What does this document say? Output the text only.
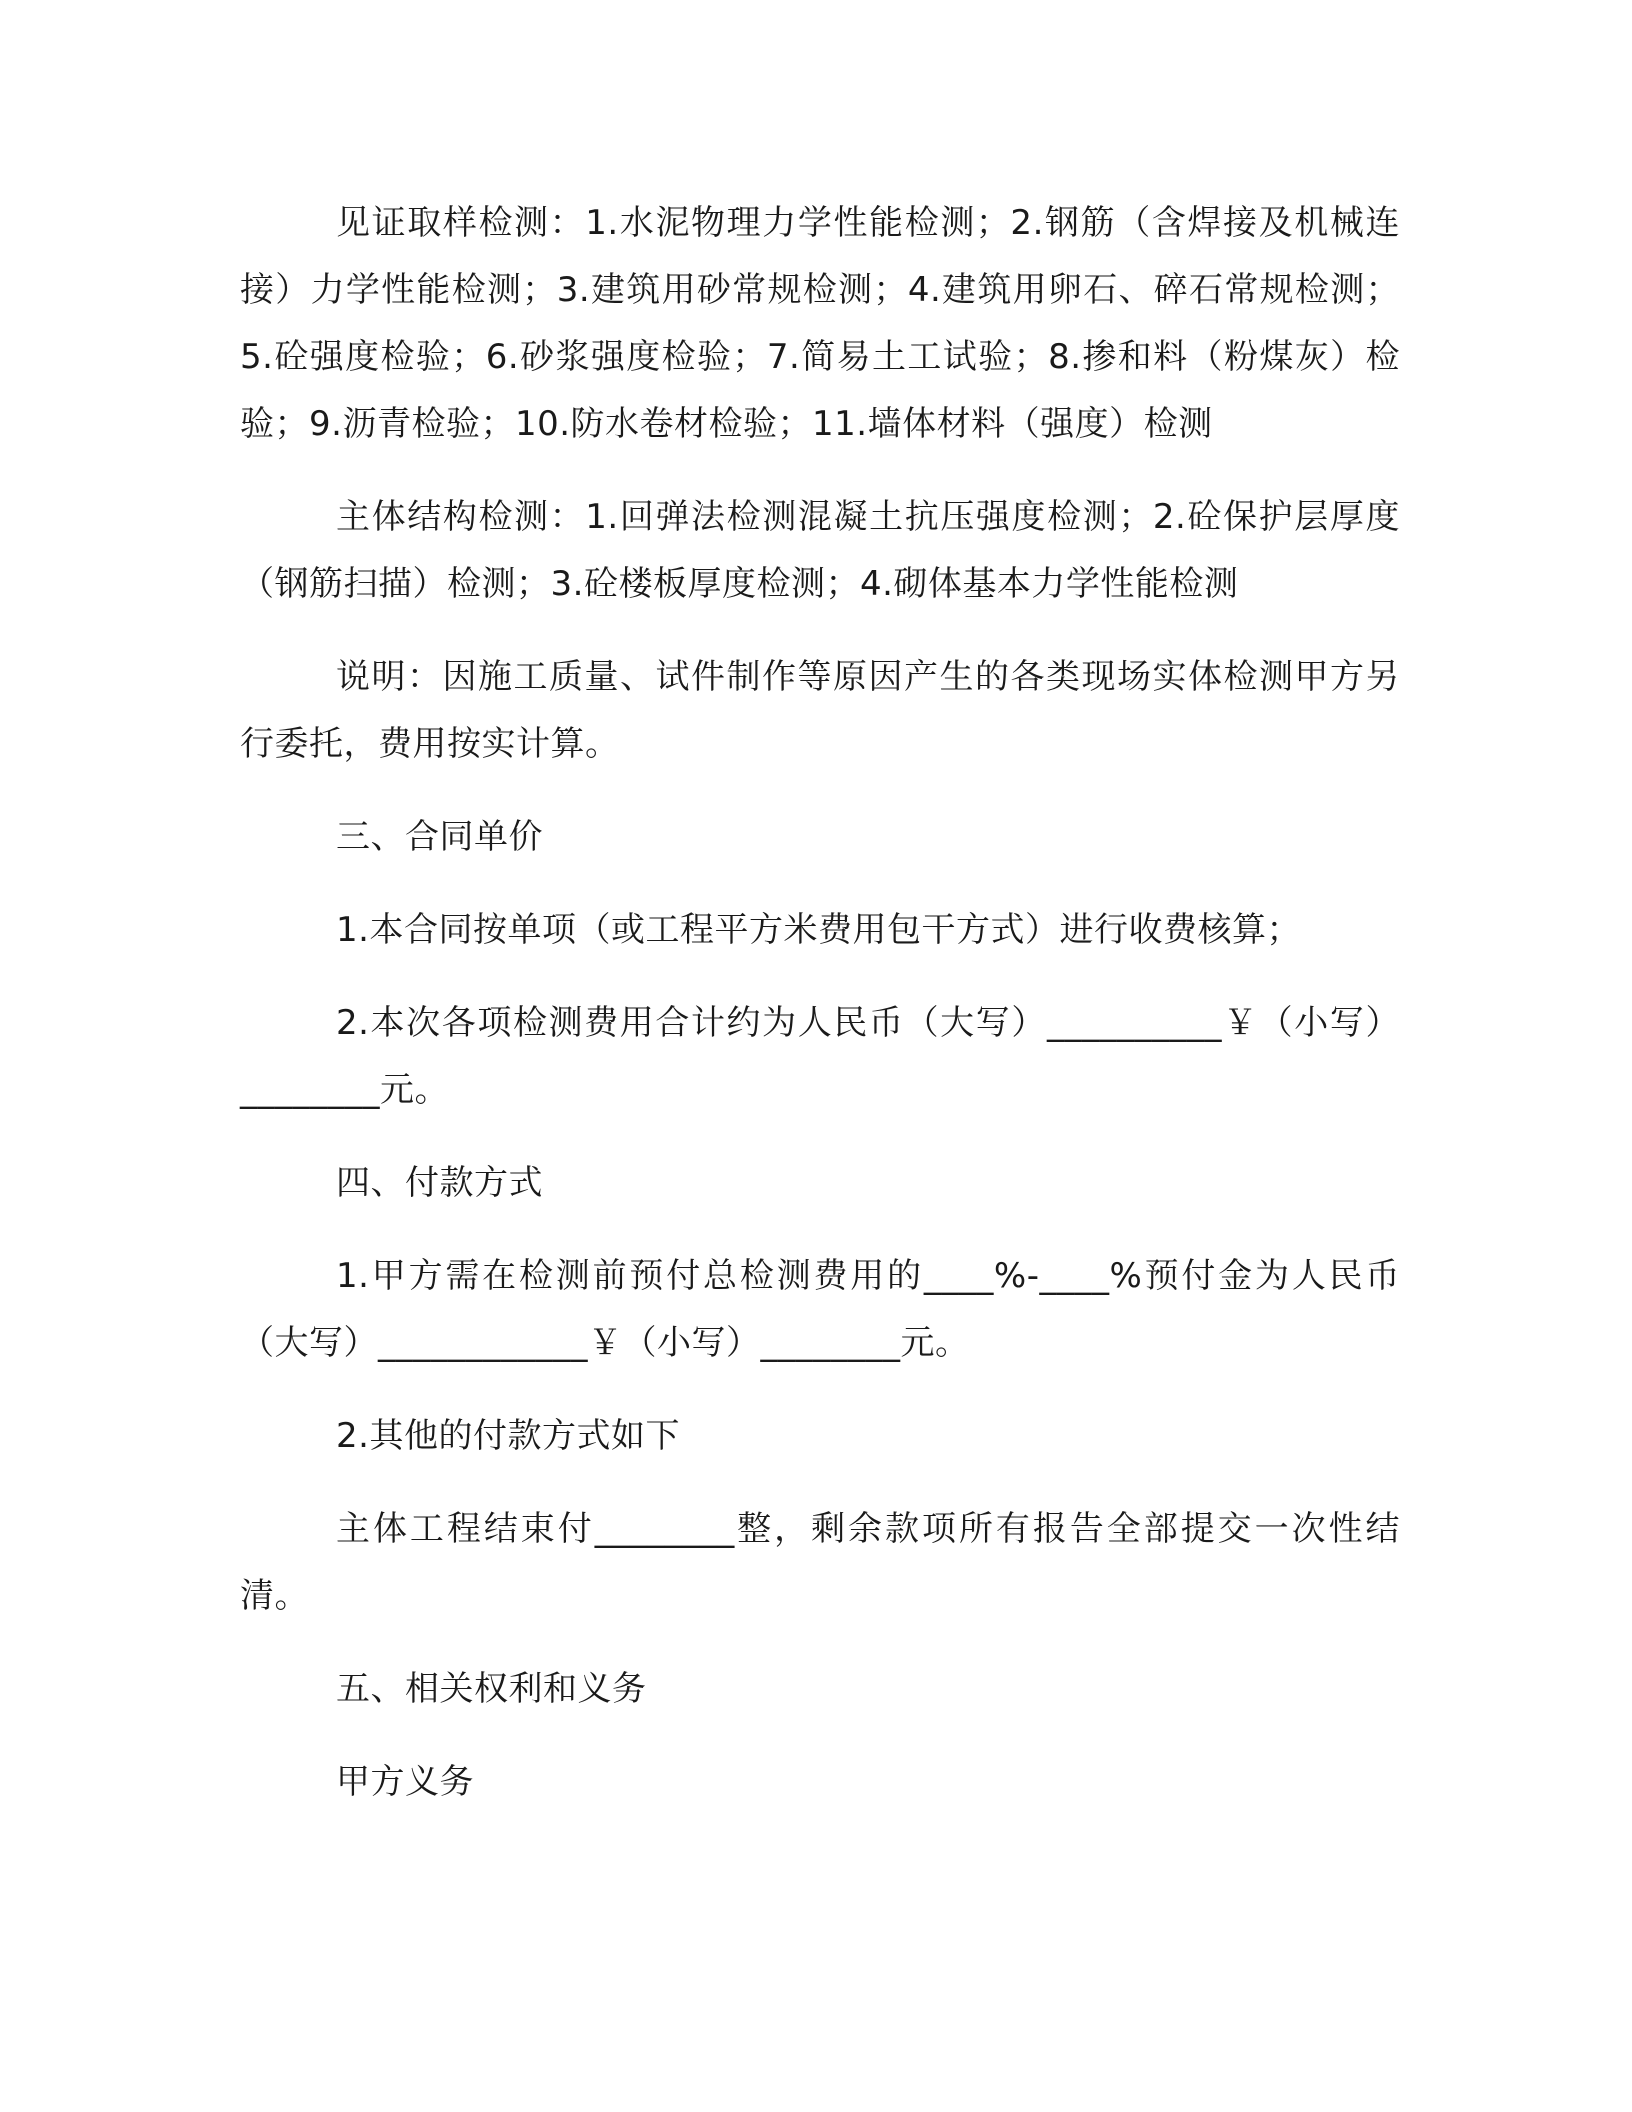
见证取样检测：1.水泥物理力学性能检测；2.钢筋（含焊接及机械连接）力学性能检测；3.建筑用砂常规检测；4.建筑用卵石、碎石常规检测；5.砼强度检验；6.砂浆强度检验；7.简易土工试验；8.掺和料（粉煤灰）检验；9.沥青检验；10.防水卷材检验；11.墙体材料（强度）检测

主体结构检测：1.回弹法检测混凝土抗压强度检测；2.砼保护层厚度（钢筋扫描）检测；3.砼楼板厚度检测；4.砌体基本力学性能检测

说明：因施工质量、试件制作等原因产生的各类现场实体检测甲方另行委托，费用按实计算。

三、合同单价

1.本合同按单项（或工程平方米费用包干方式）进行收费核算；

2.本次各项检测费用合计约为人民币（大写）__________￥（小写）________元。

四、付款方式

1.甲方需在检测前预付总检测费用的____%-____%预付金为人民币（大写）____________￥（小写）________元。

2.其他的付款方式如下

主体工程结束付________整，剩余款项所有报告全部提交一次性结清。

五、相关权利和义务

甲方义务
